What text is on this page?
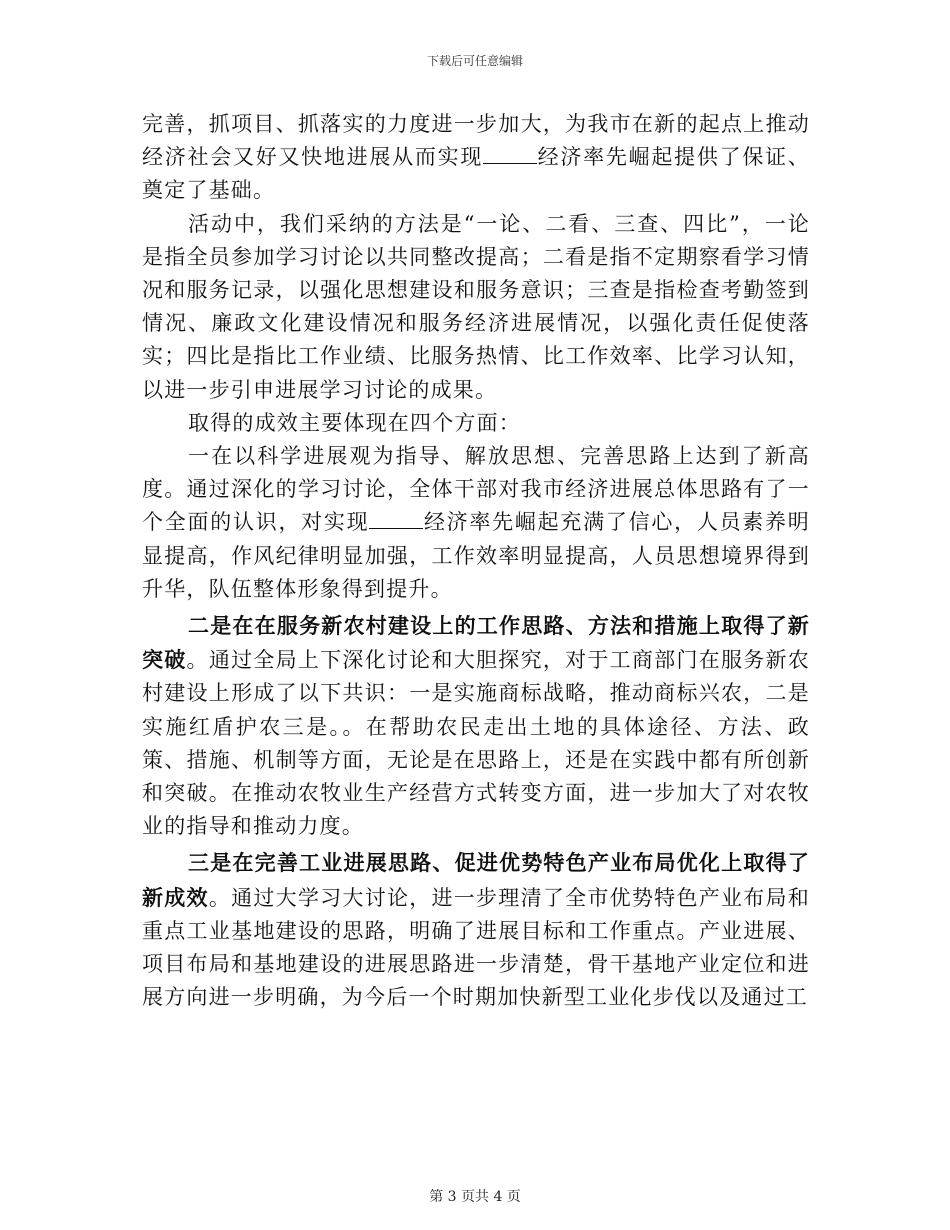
下载后可任意编辑

完善，抓项目、抓落实的力度进一步加大，为我市在新的起点上推动经济社会又好又快地进展从而实现	经济率先崛起提供了保证、奠定了基础。

活动中，我们采纳的方法是“一论、二看、三查、四比”，一论是指全员参加学习讨论以共同整改提高；二看是指不定期察看学习情况和服务记录，以强化思想建设和服务意识；三查是指检查考勤签到情况、廉政文化建设情况和服务经济进展情况，以强化责任促使落实；四比是指比工作业绩、比服务热情、比工作效率、比学习认知，以进一步引申进展学习讨论的成果。

取得的成效主要体现在四个方面：

一在以科学进展观为指导、解放思想、完善思路上达到了新高度。通过深化的学习讨论，全体干部对我市经济进展总体思路有了一个全面的认识，对实现	经济率先崛起充满了信心，人员素养明显提高，作风纪律明显加强，工作效率明显提高，人员思想境界得到升华，队伍整体形象得到提升。

二是在在服务新农村建设上的工作思路、方法和措施上取得了新突破。通过全局上下深化讨论和大胆探究，对于工商部门在服务新农村建设上形成了以下共识：一是实施商标战略，推动商标兴农，二是实施红盾护农三是。。在帮助农民走出土地的具体途径、方法、政策、措施、机制等方面，无论是在思路上，还是在实践中都有所创新和突破。在推动农牧业生产经营方式转变方面，进一步加大了对农牧业的指导和推动力度。

三是在完善工业进展思路、促进优势特色产业布局优化上取得了新成效。通过大学习大讨论，进一步理清了全市优势特色产业布局和重点工业基地建设的思路，明确了进展目标和工作重点。产业进展、项目布局和基地建设的进展思路进一步清楚，骨干基地产业定位和进展方向进一步明确，为今后一个时期加快新型工业化步伐以及通过工

第 3 页共 4 页
